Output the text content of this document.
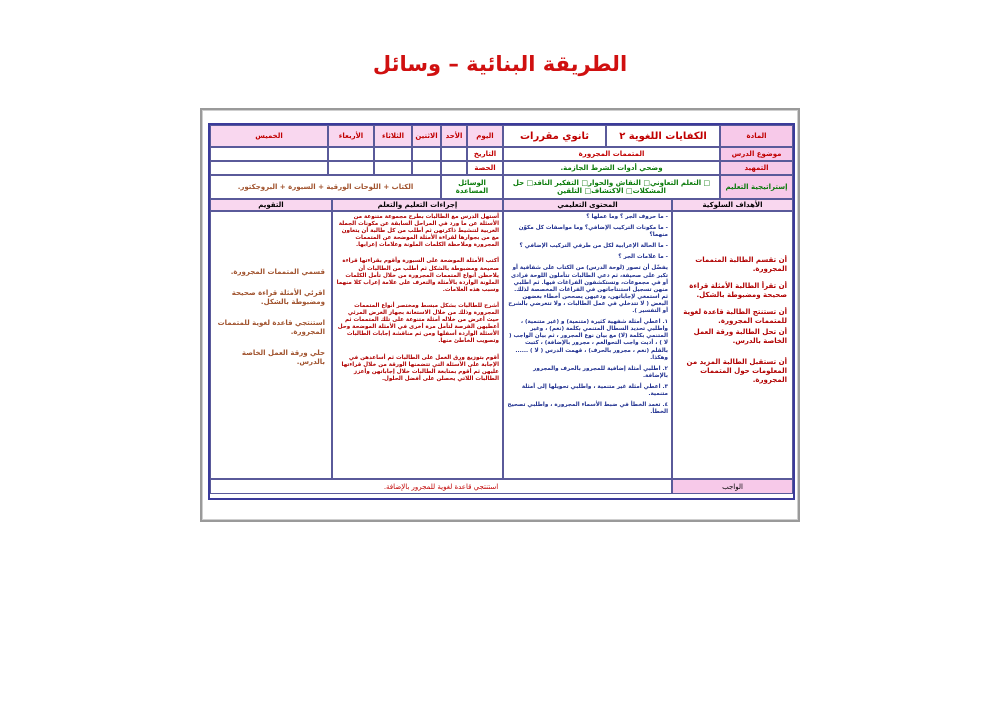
الطريقة البنائية – وسائل
المادة
الكفايات اللغوية ٢
ثانوي مقررات
اليوم
الأحد
الاثنين
الثلاثاء
الأربعاء
الخميس
موضوع الدرس
المتممات المجرورة
التاريخ
التمهيد
وضحي أدوات الشرط الجازمة.
الحصة
إستراتيجية التعليم
□ التعلم التعاوني□ النقاش والحوار□ التفكير الناقد□ حل المشكلات□ الاكتشاف□ التلقين
الوسائل المساعدة
الكتاب + اللوحات الورقية + السبورة + البروجكتور.
الأهداف السلوكية
المحتوى التعليمي
إجراءات التعليم والتعلم
التقويم
أن تقسم الطالبة المتممات المجرورة.
أن تقرأ الطالبة الأمثلة قراءة صحيحة ومضبوطة بالشكل.
أن تستنتج الطالبة قاعدة لغوية للمتممات المجرورة.
أن تحل الطالبة ورقة العمل الخاصة بالدرس.
أن تستقبل الطالبة المزيد من المعلومات حول المتممات المجرورة.
- ما حروف الجر ؟ وما عملها ؟
- ما مكونات التركيب الإضافي؟ وما مواصفات كل مكوّن منهما؟
- ما الحالة الإعرابية لكل من طرفي التركيب الإضافي ؟
- ما علامات الجر ؟
يفضّل أن تصور (لوحة الدرس) من الكتاب على شفافية أو تكبر على صحيفة، ثم دعي الطالبات تتأملون اللوحة فرادى أو في مجموعات، وتستكشفون الفراغات فيها. ثم اطلبي منهن تسجيل استنتاجاتهن في الفراغات المخصصة لذلك. ثم استمعي لإجاباتهن، ودعيهن يصححن أخطاء بعضهن البعض ( لا تتدخلي في عمل الطالبات ، ولا تتعرضي بالشرح أو التفسير ).
١. اعطي أمثلة شفهية كثيرة (متنمية) و (غير متنمية) ، واطلبي تحديد السطال المتنمي بكلمة (نعم) ، وغير المتنمي بكلمة (لا) مع بيان نوع المجرور ، ثم بيان الواجب ( لا ) ، أديت واجب التحوالعم ، مجرور بالإضافة) ، كتبت بالقلم (نعم ، مجرور بالحرف) ، قهمت الدرس ( لا ) ...... وهكذا.
٢. اطلبي أمثلة إضافية للمجرور بالحرف والمجرور بالإضافة.
٣. اعطي أمثلة غير متنمية ، واطلبي تحويلها إلى أمثلة متنمية.
٤. تعمد الخطأ في ضبط الأسماء المجرورة ، واطلبي تصحيح الخطأ.
أستهل الدرس مع الطالبات بطرح مجموعة متنوعة من الأسئلة عن ما ورد في المراحل السابقة عن مكونات الجملة العربية لتنشيط ذاكرتهن ثم أطلب من كل طالبة أن يتعاون مع من بجوارها لقراءة الأمثلة الموضحة عن المتممات المجرورة وملاحظة الكلمات الملونة وعلامات إعرابها.
أكتب الأمثلة الموضحة على السبورة وأقوم بقراءتها قراءة صحيحة ومضبوطة بالشكل ثم أطلب من الطالبات أن يلاحظن أنواع المتممات المجرورة من خلال تأمل الكلمات الملونة الواردة بالأمثلة والتعرف على علامة إعراب كلا منهما وسبب هذه العلامات.
أشرح للطالبات بشكل مبسط ومختصر أنواع المتممات المجرورة وذلك من خلال الاستعانة بجهاز العرض المرئي حيث أعرض من خلاله أمثلة متنوعة على تلك المتممات ثم أعطيهن الفرصة لتأمل مرة أخرى في الأمثلة الموضحة وحل الأسئلة الواردة أسفلها ومن ثم مناقشة إجابات الطالبات وتصويب الخاطئ منها.
أقوم بتوزيع ورق العمل على الطالبات ثم أساعدهن في الإجابة على الأسئلة التي تتضمنها الورقة من خلال قراءتها عليهن ثم أقوم بمتابعة الطالبات خلال إجاباتهن وأعزز الطالبات اللاتي يحصلن على أفضل الحلول.
قسمي المتممات المجرورة.
اقرئي الأمثلة قراءة صحيحة ومضبوطة بالشكل.
استنتجي قاعدة لغوية للمتممات المجرورة.
حلي ورقة العمل الخاصة بالدرس.
الواجب
استنتجي قاعدة لغوية للمجرور بالإضافة.
